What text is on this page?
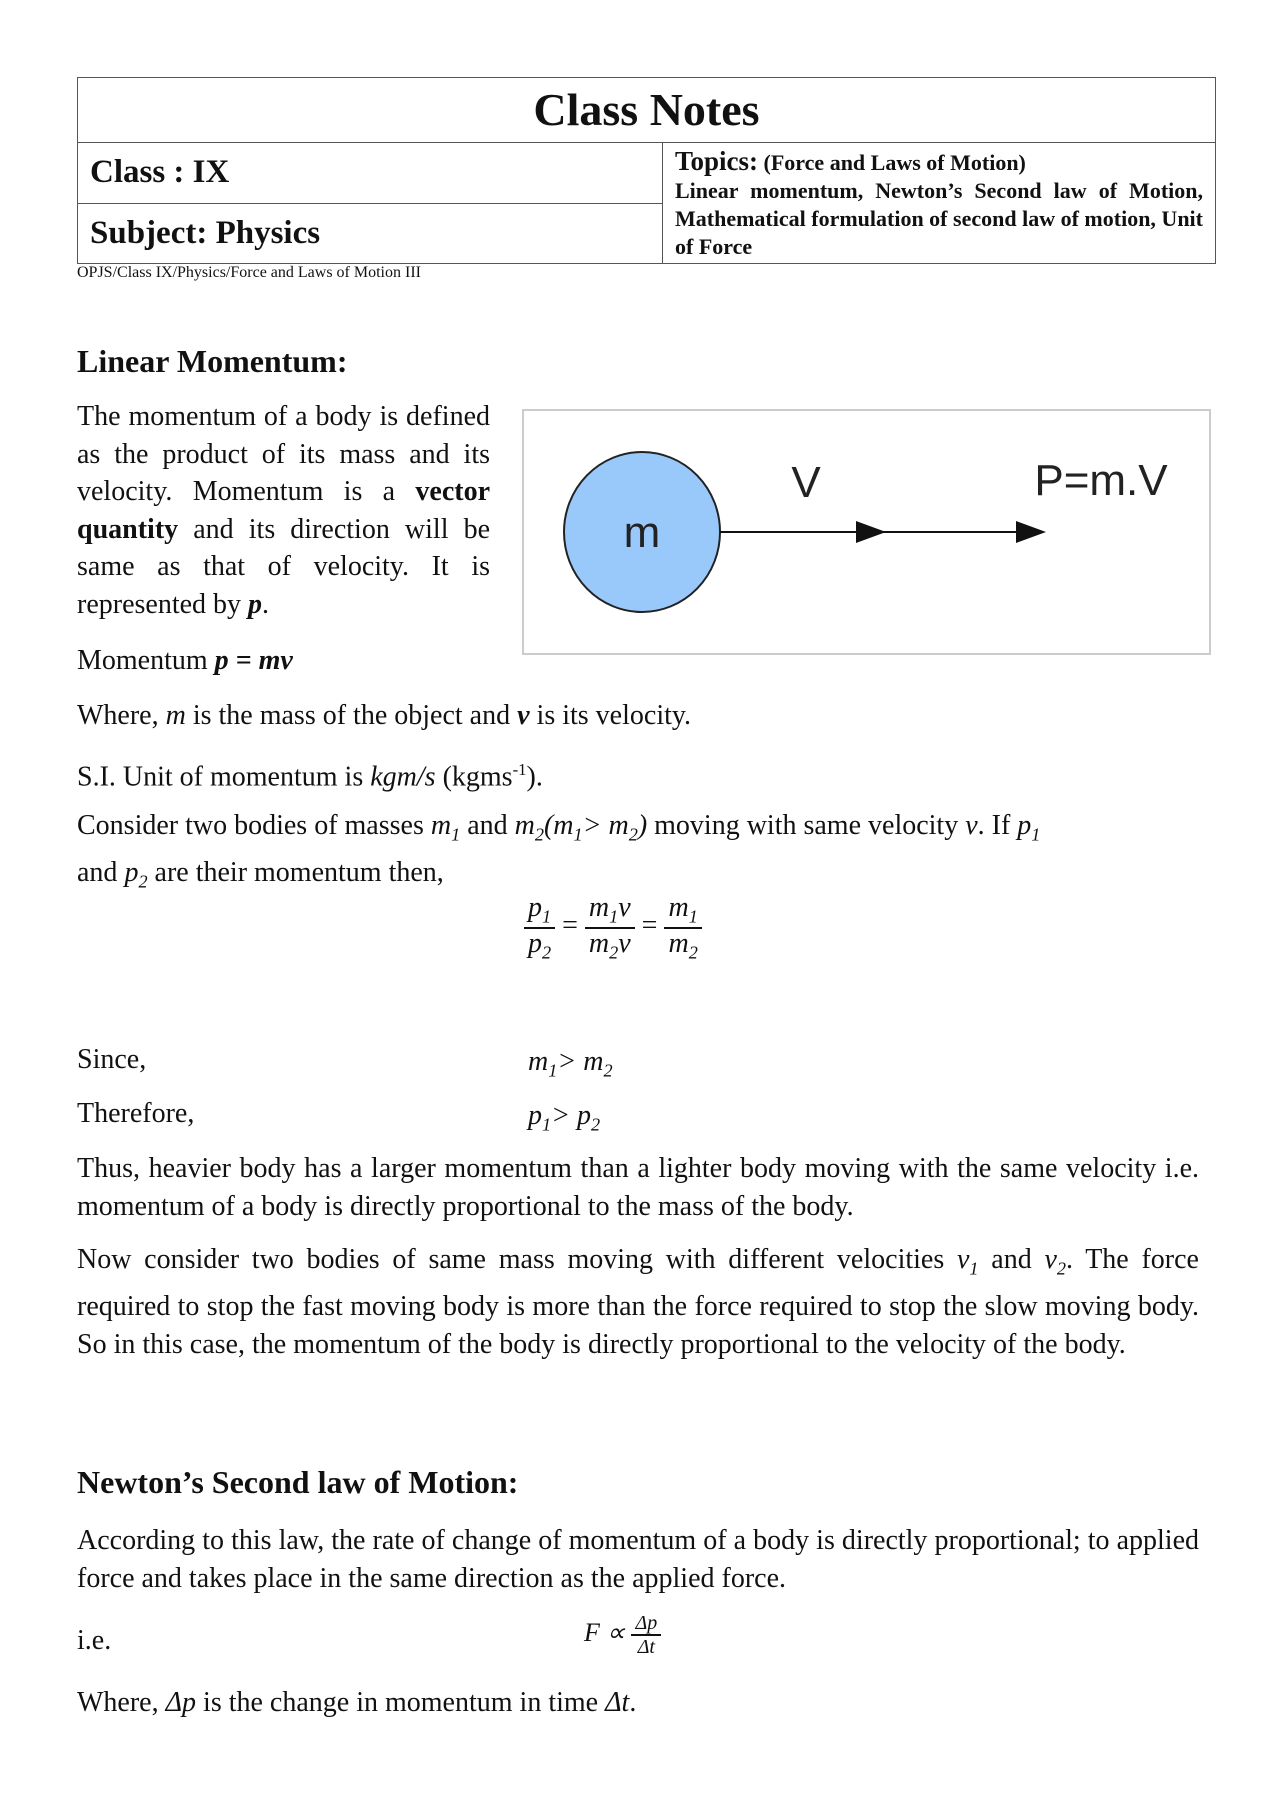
Class Notes
Class : IX	Topics: (Force and Laws of Motion)
Linear momentum, Newton’s Second law of Motion, Mathematical formulation of second law of motion, Unit of Force
Subject: Physics
OPJS/Class IX/Physics/Force and Laws of Motion III
Linear Momentum:

The momentum of a body is defined as the product of its mass and its velocity. Momentum is a vector quantity and its direction will be same as that of velocity. It is represented by p.

m
V	P=m.V

Momentum p = mv

Where, m is the mass of the object and v is its velocity.

S.I. Unit of momentum is kgm/s (kgms$^{-1}$).

Consider two bodies of masses $m_1$ and $m_2(m_1> m_2)$ moving with same velocity v. If $p_1$
and $p_2$ are their momentum then,

$\frac{p_1}{p_2} = \frac{m_1v}{m_2v} = \frac{m_1}{m_2}$

Since,	$m_1> m_2$

Therefore,	$p_1> p_2$

Thus, heavier body has a larger momentum than a lighter body moving with the same velocity i.e. momentum of a body is directly proportional to the mass of the body.

Now consider two bodies of same mass moving with different velocities $v_1$ and $v_2$. The force required to stop the fast moving body is more than the force required to stop the slow moving body. So in this case, the momentum of the body is directly proportional to the velocity of the body.

Newton’s Second law of Motion:

According to this law, the rate of change of momentum of a body is directly proportional; to applied force and takes place in the same direction as the applied force.

i.e.	$F \propto \frac{\Delta p}{\Delta t}$

Where, Δp is the change in momentum in time Δt.
